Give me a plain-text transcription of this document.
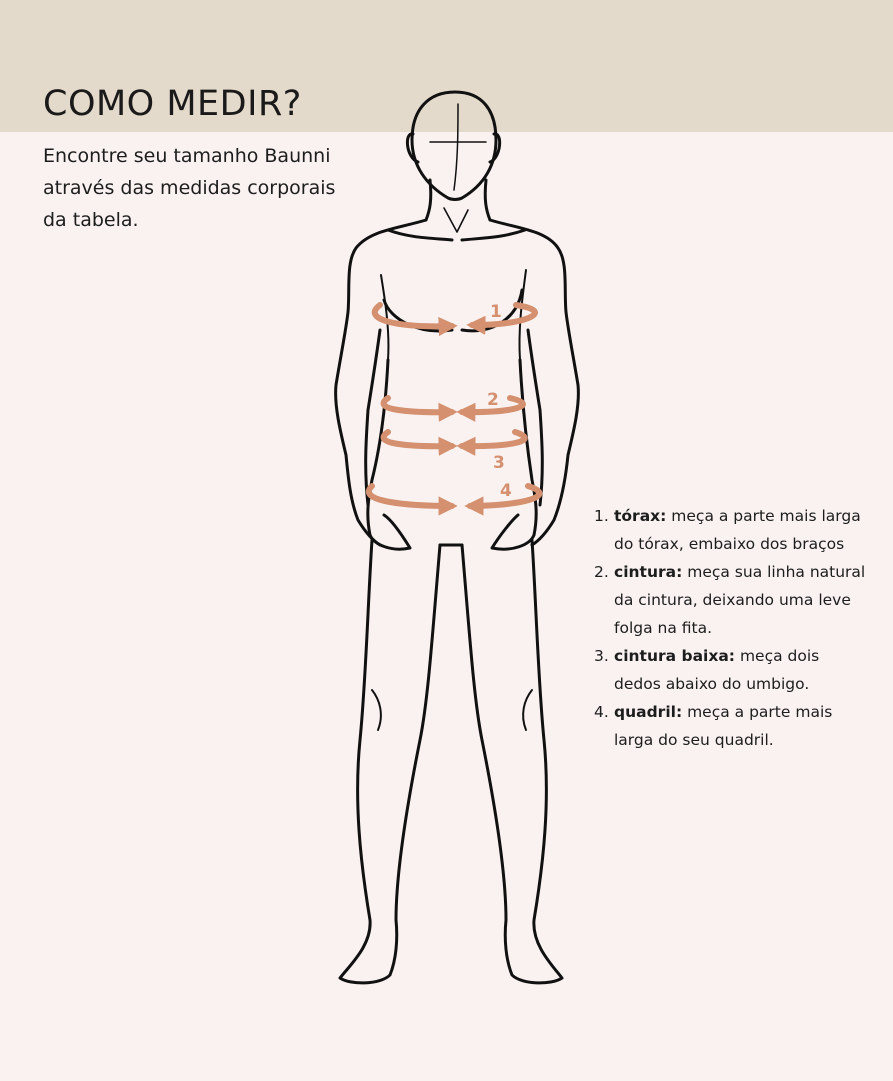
COMO MEDIR?

Encontre seu tamanho Baunni através das medidas corporais da tabela.

1
2
3
4
1. tórax: meça a parte mais larga do tórax, embaixo dos braços
2. cintura: meça sua linha natural da cintura, deixando uma leve folga na fita.
3. cintura baixa: meça dois dedos abaixo do umbigo.
4. quadril: meça a parte mais larga do seu quadril.
